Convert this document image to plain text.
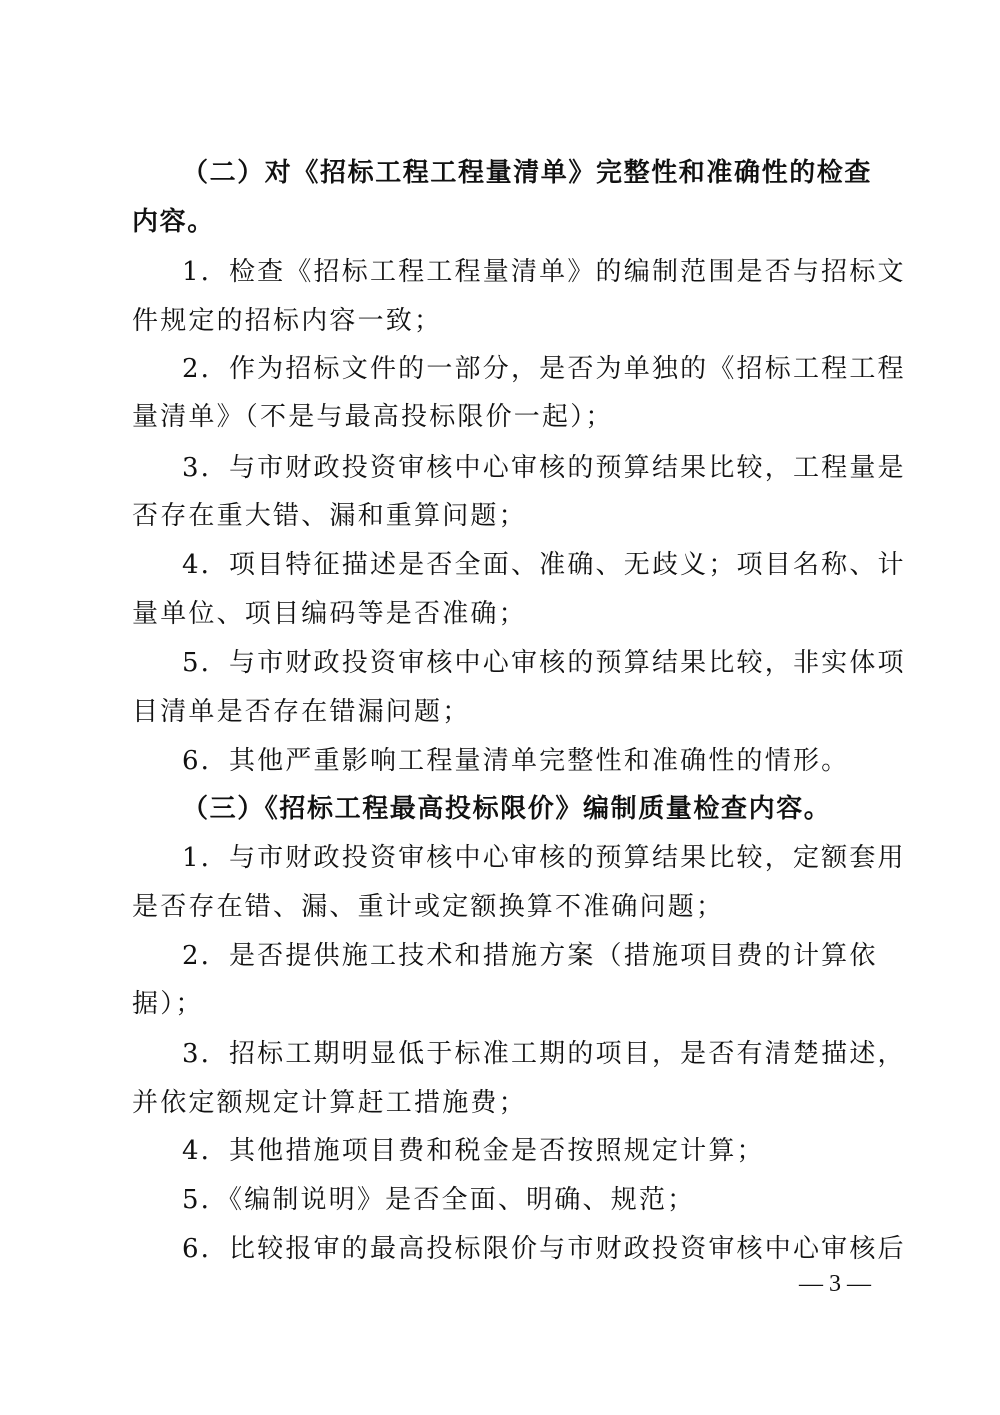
（二）对《招标工程工程量清单》完整性和准确性的检查
内容。
1．检查《招标工程工程量清单》的编制范围是否与招标文
件规定的招标内容一致；
2．作为招标文件的一部分，是否为单独的《招标工程工程
量清单》（不是与最高投标限价一起）；
3．与市财政投资审核中心审核的预算结果比较，工程量是
否存在重大错、漏和重算问题；
4．项目特征描述是否全面、准确、无歧义；项目名称、计
量单位、项目编码等是否准确；
5．与市财政投资审核中心审核的预算结果比较，非实体项
目清单是否存在错漏问题；
6．其他严重影响工程量清单完整性和准确性的情形。
（三）《招标工程最高投标限价》编制质量检查内容。
1．与市财政投资审核中心审核的预算结果比较，定额套用
是否存在错、漏、重计或定额换算不准确问题；
2．是否提供施工技术和措施方案（措施项目费的计算依
据）；
3．招标工期明显低于标准工期的项目，是否有清楚描述，
并依定额规定计算赶工措施费；
4．其他措施项目费和税金是否按照规定计算；
5．《编制说明》是否全面、明确、规范；
6．比较报审的最高投标限价与市财政投资审核中心审核后
— 3 —
